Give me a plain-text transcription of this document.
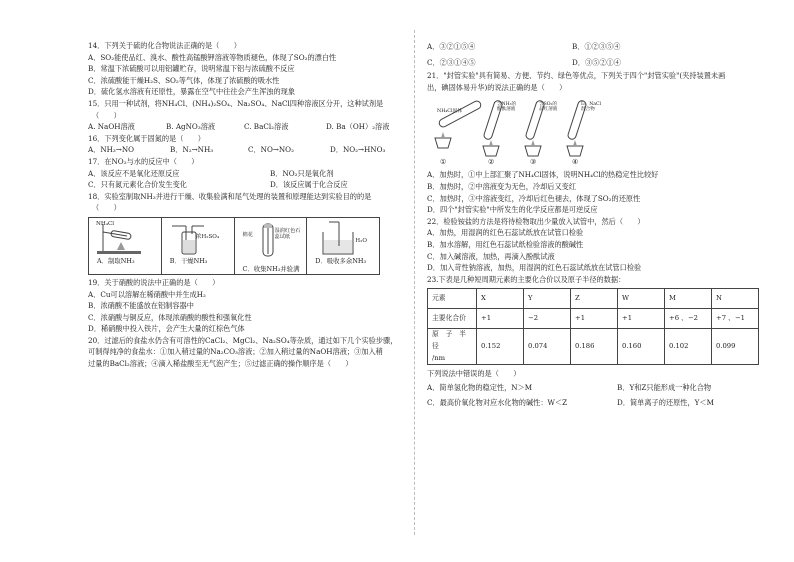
14．下列关于硫的化合物说法正确的是（　　）
A．SO₂能使品红、溴水、酸性高锰酸钾溶液等物质褪色，体现了SO₂的漂白性
B．常温下浓硫酸可以用铝罐贮存，说明常温下铝与浓硫酸不反应
C．浓硫酸能干燥H₂S、SO₂等气体，体现了浓硫酸的吸水性
D．硫化氢水溶液有还原性，暴露在空气中往往会产生浑浊的现象
15．只用一种试剂，将NH₄Cl、(NH₄)₂SO₄、Na₂SO₄、NaCl四种溶液区分开，这种试剂是
（　　）
A. NaOH溶液	B. AgNO₃溶液	C. BaCl₂溶液	D. Ba（OH）₂溶液
16．下列变化属于固氮的是（　　）
A．NH₃→NO	B．N₂→NH₃	C．NO→NO₂	D．NO₂→HNO₃
17．在NO₂与水的反应中（　　）
A．该反应不是氧化还原反应	B．NO₂只是氧化剂
C．只有氮元素化合价发生变化	D．该反应属于化合反应
18．实验室制取NH₃并进行干燥、收集验满和尾气处理的装置和原理能达到实验目的的是
（　　）
NH₄Cl
A．制取NH₃
浓H₂SO₄
B．干燥NH₃
湿润红色石蕊试纸
棉花
C．收集NH₃并验满
H₂O
D．吸收多余NH₃
19．关于硝酸的说法中正确的是（　　）
A．Cu可以溶解在稀硝酸中并生成H₂
B．浓硝酸不能盛放在铝制容器中
C．浓硝酸与铜反应，体现浓硝酸的酸性和强氧化性
D．稀硝酸中投入铁片，会产生大量的红棕色气体
20．过滤后的食盐水仍含有可溶性的CaCl₂、MgCl₂、Na₂SO₄等杂质，通过如下几个实验步骤，
可制得纯净的食盐水：①加入稍过量的Na₂CO₃溶液；②加入稍过量的NaOH溶液；③加入稍
过量的BaCl₂溶液；④滴入稀盐酸至无气泡产生；⑤过滤正确的操作顺序是（　　）
A．③②①⑤④	B．①②③⑤④
C．②③①④⑤	D．③⑤②①④
21．"封管实验"具有简易、方便、节约、绿色等优点，下列关于四个"封管实验"(夹持装置未画
出，碘固体易升华)的说法正确的是（　　）
NH₄Cl固体
含NH₃的酚酞溶液
含SO₂的品红溶液
I₂、NaCl混合物
①	②	③	④
A．加热时，①中上部汇聚了NH₄Cl固体，说明NH₄Cl的热稳定性比较好
B．加热时，②中溶液变为无色，冷却后又变红
C．加热时，③中溶液变红，冷却后红色褪去，体现了SO₂的还原性
D．四个"封管实验"中所发生的化学反应都是可逆反应
22．检验铵盐的方法是将待检物取出少量放入试管中，然后（　　）
A．加热，用湿润的红色石蕊试纸放在试管口检验
B．加水溶解，用红色石蕊试纸检验溶液的酸碱性
C．加入碱溶液，加热，再滴入酚酞试液
D．加入苛性钠溶液，加热，用湿润的红色石蕊试纸放在试管口检验
23.下表是几种短周期元素的主要化合价以及原子半径的数据：
元素	X	Y	Z	W	M	N
主要化合价	+1	−2	+1	+1	+6 、−2	+7 、−1

原　子　半　径
/nm	0.152	0.074	0.186	0.160	0.102	0.099
下列说法中错误的是（　　）
A．简单氢化物的稳定性，N＞M	B．Y和Z只能形成一种化合物
C．最高价氧化物对应水化物的碱性：W＜Z	D．简单离子的还原性，Y＜M
